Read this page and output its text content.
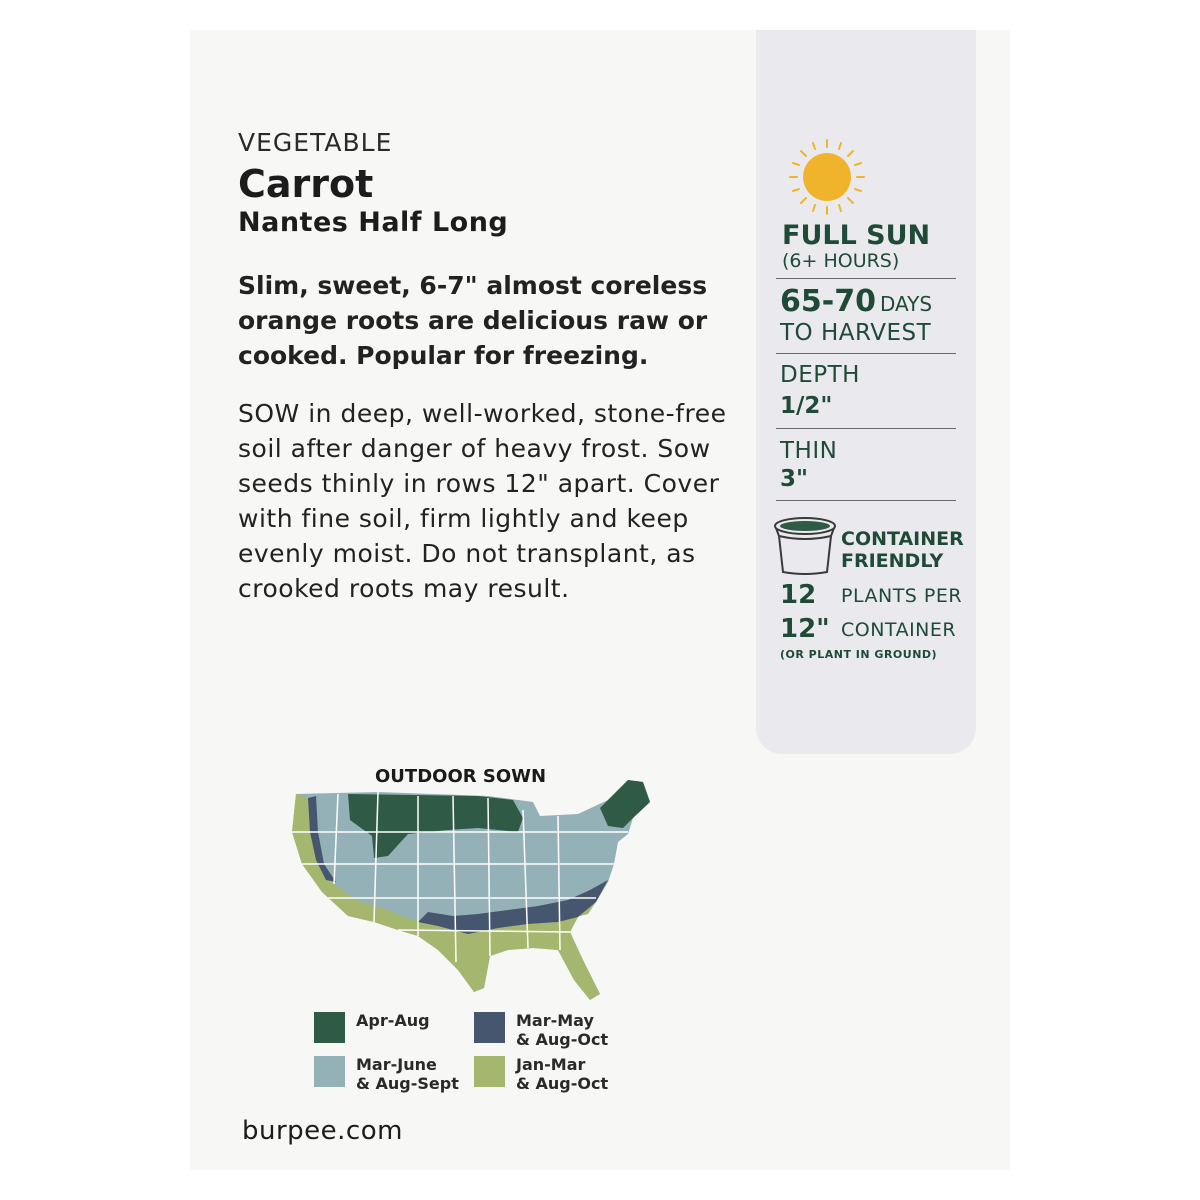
VEGETABLE
Carrot
Nantes Half Long

Slim, sweet, 6-7" almost coreless orange roots are delicious raw or cooked. Popular for freezing.

SOW in deep, well-worked, stone-free soil after danger of heavy frost. Sow seeds thinly in rows 12" apart. Cover with fine soil, firm lightly and keep evenly moist. Do not transplant, as crooked roots may result.

FULL SUN
(6+ HOURS)
65-70 DAYS
TO HARVEST
DEPTH
1/2"
THIN
3"
CONTAINER
FRIENDLY
12 PLANTS PER
12" CONTAINER
(OR PLANT IN GROUND)
OUTDOOR SOWN
Apr-Aug	Mar-May
& Aug-Oct
Mar-June
& Aug-Sept
Jan-Mar
& Aug-Oct
burpee.com
